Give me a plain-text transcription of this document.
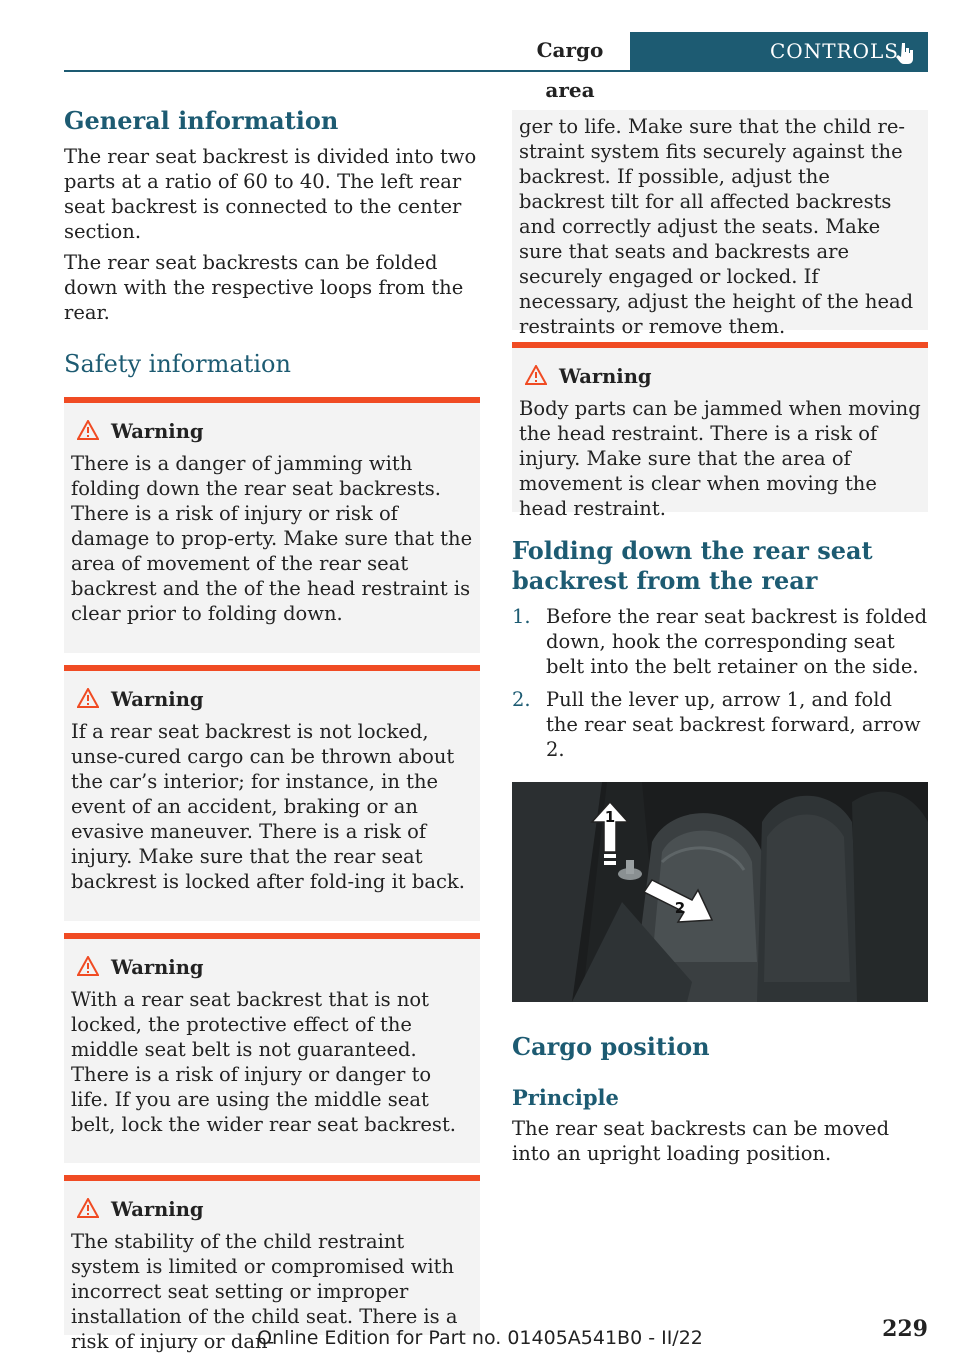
Cargo area
CONTROLS
General information

The rear seat backrest is divided into two parts at a ratio of 60 to 40. The left rear seat backrest is connected to the center section.

The rear seat backrests can be folded down with the respective loops from the rear.

Safety information
Warning

There is a danger of jamming with folding down the rear seat backrests. There is a risk of injury or risk of damage to prop-erty. Make sure that the area of movement of the rear seat backrest and the of the head restraint is clear prior to folding down.

Warning

If a rear seat backrest is not locked, unse-cured cargo can be thrown about the car’s interior; for instance, in the event of an accident, braking or an evasive maneuver. There is a risk of injury. Make sure that the rear seat backrest is locked after fold-ing it back.

Warning

With a rear seat backrest that is not locked, the protective effect of the middle seat belt is not guaranteed. There is a risk of injury or danger to life. If you are using the middle seat belt, lock the wider rear seat backrest.

Warning

The stability of the child restraint system is limited or compromised with incorrect seat setting or improper installation of the child seat. There is a risk of injury or dan-

ger to life. Make sure that the child re-straint system fits securely against the backrest. If possible, adjust the backrest tilt for all affected backrests and correctly adjust the seats. Make sure that seats and backrests are securely engaged or locked. If necessary, adjust the height of the head restraints or remove them.

Warning

Body parts can be jammed when moving the head restraint. There is a risk of injury. Make sure that the area of movement is clear when moving the head restraint.

Folding down the rear seat backrest from the rear
1. Before the rear seat backrest is folded down, hook the corresponding seat belt into the belt retainer on the side.
2. Pull the lever up, arrow 1, and fold the rear seat backrest forward, arrow 2.
1
2
Cargo position
Principle

The rear seat backrests can be moved into an upright loading position.

229
Online Edition for Part no. 01405A541B0 - II/22
